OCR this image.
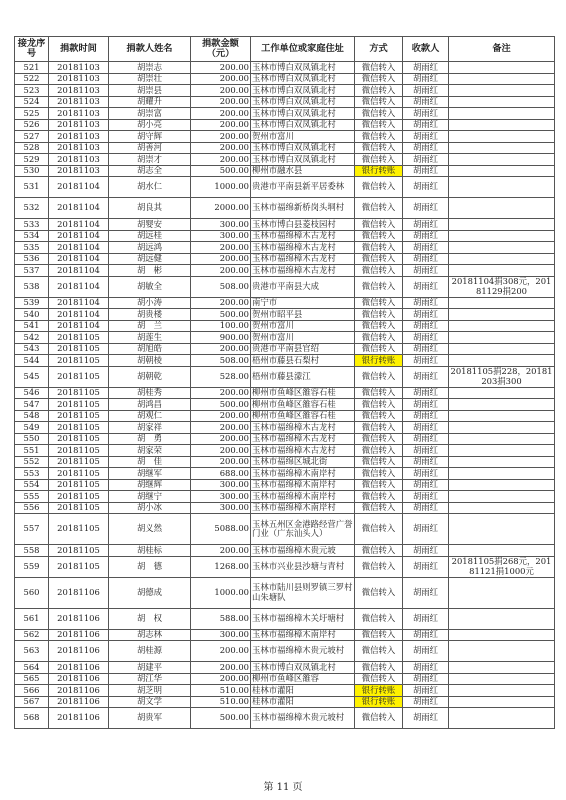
接龙序号	捐款时间	捐款人姓名	捐款金额（元）	工作单位或家庭住址	方式	收款人	备注
521	20181103	胡崇志	200.00	玉林市博白双凤镇北村	微信转入	胡雨红	
522	20181103	胡崇壮	200.00	玉林市博白双凤镇北村	微信转入	胡雨红	
523	20181103	胡崇县	200.00	玉林市博白双凤镇北村	微信转入	胡雨红	
524	20181103	胡耀升	200.00	玉林市博白双凤镇北村	微信转入	胡雨红	
525	20181103	胡崇富	200.00	玉林市博白双凤镇北村	微信转入	胡雨红	
526	20181103	胡小亮	200.00	玉林市博白双凤镇北村	微信转入	胡雨红	
527	20181103	胡守辉	200.00	贺州市富川	微信转入	胡雨红	
528	20181103	胡善河	200.00	玉林市博白双凤镇北村	微信转入	胡雨红	
529	20181103	胡崇才	200.00	玉林市博白双凤镇北村	微信转入	胡雨红	
530	20181103	胡志全	500.00	柳州市融水县	银行转账	胡雨红	
531	20181104	胡水仁	1000.00	贵港市平南县新平居委林	微信转入	胡雨红	
532	20181104	胡良其	2000.00	玉林市福绵新桥岗头垌村	微信转入	胡雨红	
533	20181104	胡婴安	300.00	玉林市博白县菱枝园村	微信转入	胡雨红	
534	20181104	胡远桂	300.00	玉林市福绵樟木古龙村	微信转入	胡雨红	
535	20181104	胡远鸿	200.00	玉林市福绵樟木古龙村	微信转入	胡雨红	
536	20181104	胡远健	200.00	玉林市福绵樟木古龙村	微信转入	胡雨红	
537	20181104	胡　彬	200.00	玉林市福绵樟木古龙村	微信转入	胡雨红	
538	20181104	胡敏全	508.00	贵港市平南县大成	微信转入	胡雨红	20181104捐308元，20181129捐200
539	20181104	胡小涛	200.00	南宁市	微信转入	胡雨红	
540	20181104	胡贵楼	500.00	贺州市昭平县	微信转入	胡雨红	
541	20181104	胡　兰	100.00	贺州市富川	微信转入	胡雨红	
542	20181105	胡莲生	900.00	贺州市富川	微信转入	胡雨红	
543	20181105	胡旭皓	200.00	贵港市平南县官绍	微信转入	胡雨红	
544	20181105	胡朝棱	508.00	梧州市藤县石梨村	银行转账	胡雨红	
545	20181105	胡朝乾	528.00	梧州市藤县濛江	微信转入	胡雨红	20181105捐228，20181203捐300
546	20181105	胡桂秀	200.00	柳州市鱼峰区雒容石桂	微信转入	胡雨红	
547	20181105	胡鸿昌	500.00	柳州市鱼峰区雒容石桂	微信转入	胡雨红	
548	20181105	胡观仁	200.00	柳州市鱼峰区雒容石桂	微信转入	胡雨红	
549	20181105	胡家祥	200.00	玉林市福绵樟木古龙村	微信转入	胡雨红	
550	20181105	胡　勇	200.00	玉林市福绵樟木古龙村	微信转入	胡雨红	
551	20181105	胡家荣	200.00	玉林市福绵樟木古龙村	微信转入	胡雨红	
552	20181105	胡　佳	200.00	玉林市福绵区城北街	微信转入	胡雨红	
553	20181105	胡继军	688.00	玉林市福绵樟木南岸村	微信转入	胡雨红	
554	20181105	胡继辉	300.00	玉林市福绵樟木南岸村	微信转入	胡雨红	
555	20181105	胡继宁	300.00	玉林市福绵樟木南岸村	微信转入	胡雨红	
556	20181105	胡小冰	300.00	玉林市福绵樟木南岸村	微信转入	胡雨红	
557	20181105	胡义然	5088.00	玉林五州区金港路经营广誉门业（广东汕头人）	微信转入	胡雨红	
558	20181105	胡桂标	200.00	玉林市福绵樟木贵元坡	微信转入	胡雨红	
559	20181105	胡　德	1268.00	玉林市兴业县沙塘与青村	微信转入	胡雨红	20181105捐268元，20181121捐1000元
560	20181106	胡德成	1000.00	玉林市陆川县则罗镇三罗村山朱塘队	微信转入	胡雨红	
561	20181106	胡　权	588.00	玉林市福绵樟木关圩塘村	微信转入	胡雨红	
562	20181106	胡志林	300.00	玉林市福绵樟木南岸村	微信转入	胡雨红	
563	20181106	胡桂源	200.00	玉林市福绵樟木贵元坡村	微信转入	胡雨红	
564	20181106	胡建平	200.00	玉林市博白双凤镇北村	微信转入	胡雨红	
565	20181106	胡江华	200.00	柳州市鱼峰区雒容	微信转入	胡雨红	
566	20181106	胡芝明	510.00	桂林市灌阳	银行转账	胡雨红	
567	20181106	胡文学	510.00	桂林市灌阳	银行转账	胡雨红	
568	20181106	胡贵军	500.00	玉林市福绵樟木贵元坡村	微信转入	胡雨红	
第 11 页
